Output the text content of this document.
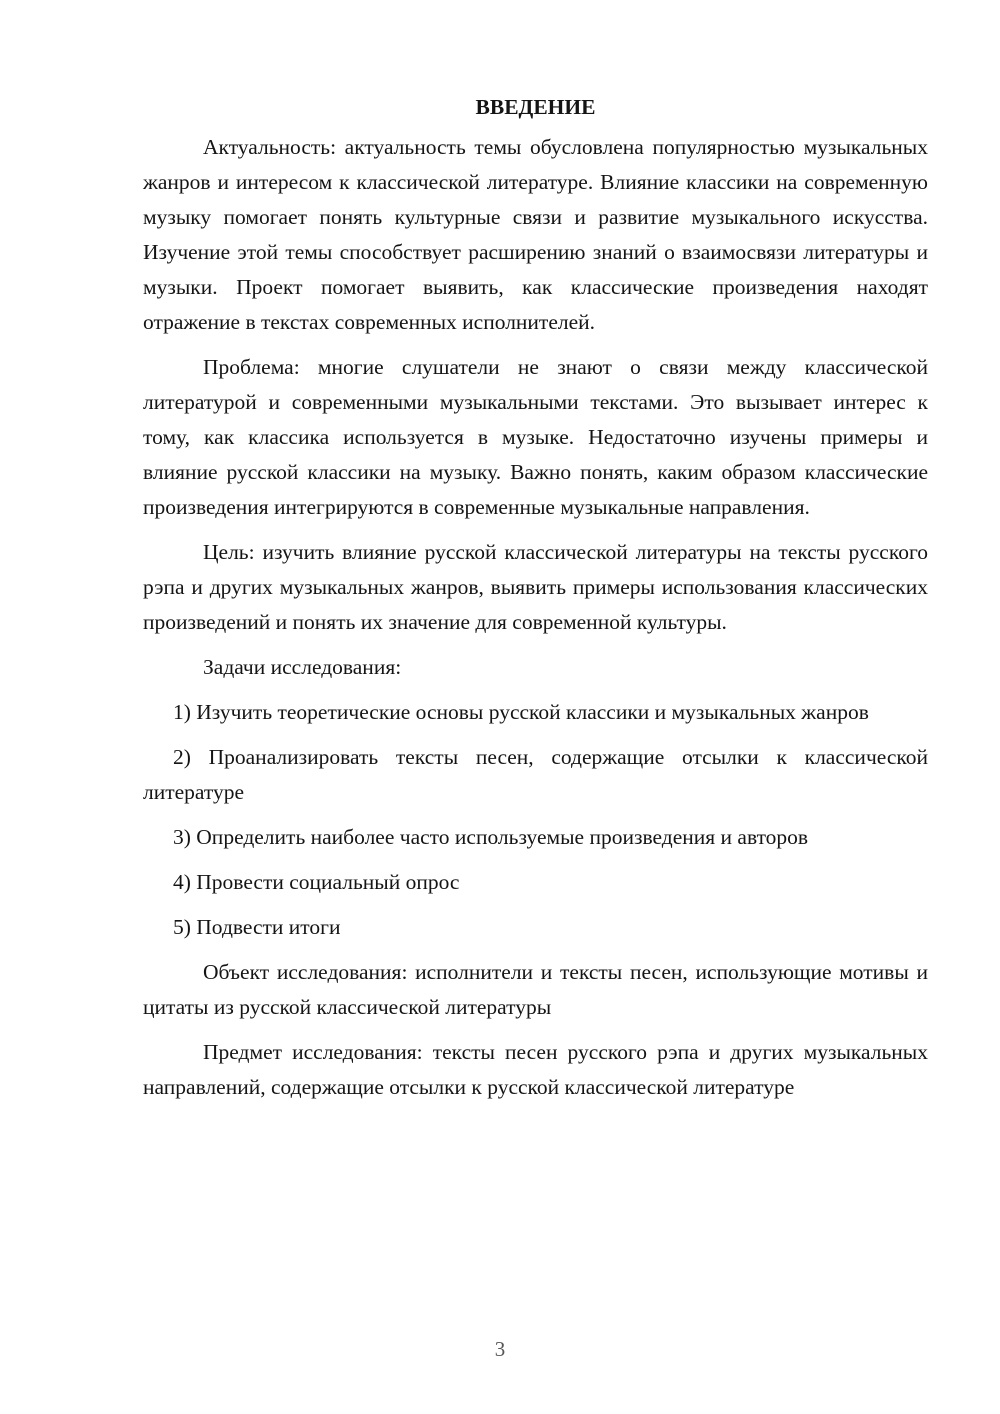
ВВЕДЕНИЕ

Актуальность: актуальность темы обусловлена популярностью музыкальных жанров и интересом к классической литературе. Влияние классики на современную музыку помогает понять культурные связи и развитие музыкального искусства. Изучение этой темы способствует расширению знаний о взаимосвязи литературы и музыки. Проект помогает выявить, как классические произведения находят отражение в текстах современных исполнителей.

Проблема: многие слушатели не знают о связи между классической литературой и современными музыкальными текстами. Это вызывает интерес к тому, как классика используется в музыке. Недостаточно изучены примеры и влияние русской классики на музыку. Важно понять, каким образом классические произведения интегрируются в современные музыкальные направления.

Цель: изучить влияние русской классической литературы на тексты русского рэпа и других музыкальных жанров, выявить примеры использования классических произведений и понять их значение для современной культуры.

Задачи исследования:

1) Изучить теоретические основы русской классики и музыкальных жанров

2) Проанализировать тексты песен, содержащие отсылки к классической литературе

3) Определить наиболее часто используемые произведения и авторов

4) Провести социальный опрос

5) Подвести итоги

Объект исследования: исполнители и тексты песен, использующие мотивы и цитаты из русской классической литературы

Предмет исследования: тексты песен русского рэпа и других музыкальных направлений, содержащие отсылки к русской классической литературе

3
